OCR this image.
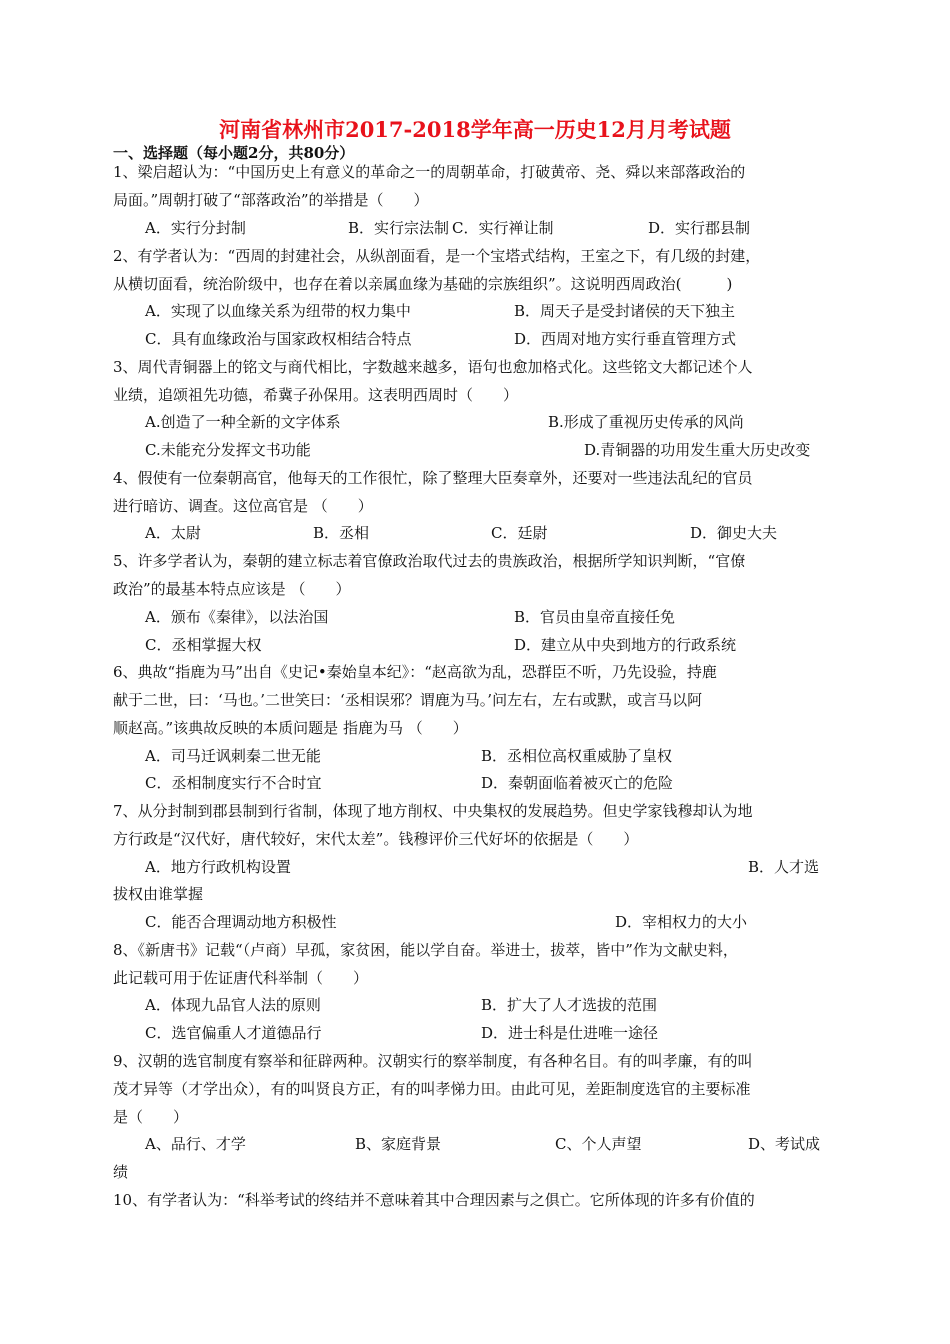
河南省林州市2017-2018学年高一历史12月月考试题
一、选择题（每小题2分，共80分）
1、梁启超认为：“中国历史上有意义的革命之一的周朝革命，打破黄帝、尧、舜以来部落政治的
局面。”周朝打破了“部落政治”的举措是（　　）
A．实行分封制	B．实行宗法制 C．实行禅让制	D．实行郡县制
2、有学者认为：“西周的封建社会，从纵剖面看，是一个宝塔式结构，王室之下，有几级的封建，
从横切面看，统治阶级中，也存在着以亲属血缘为基础的宗族组织”。这说明西周政治(　　　)
A．实现了以血缘关系为纽带的权力集中	B．周天子是受封诸侯的天下独主
C．具有血缘政治与国家政权相结合特点	D．西周对地方实行垂直管理方式
3、周代青铜器上的铭文与商代相比，字数越来越多，语句也愈加格式化。这些铭文大都记述个人
业绩，追颂祖先功德，希冀子孙保用。这表明西周时（　　）
A.创造了一种全新的文字体系	B.形成了重视历史传承的风尚
C.未能充分发挥文书功能	D.青铜器的功用发生重大历史改变
4、假使有一位秦朝高官，他每天的工作很忙，除了整理大臣奏章外，还要对一些违法乱纪的官员
进行暗访、调查。这位高官是 （　　）
A．太尉	B．丞相	C．廷尉	D．御史大夫
5、许多学者认为，秦朝的建立标志着官僚政治取代过去的贵族政治，根据所学知识判断，“官僚
政治”的最基本特点应该是 （　　）
A．颁布《秦律》，以法治国	B．官员由皇帝直接任免
C．丞相掌握大权	D．建立从中央到地方的行政系统
6、典故“指鹿为马”出自《史记•秦始皇本纪》：“赵高欲为乱，恐群臣不听，乃先设验，持鹿
献于二世，曰：‘马也。’二世笑曰：‘丞相误邪？谓鹿为马。’问左右，左右或默，或言马以阿
顺赵高。”该典故反映的本质问题是 指鹿为马 （　　）
A．司马迁讽刺秦二世无能	B．丞相位高权重威胁了皇权
C．丞相制度实行不合时宜	D．秦朝面临着被灭亡的危险
7、从分封制到郡县制到行省制，体现了地方削权、中央集权的发展趋势。但史学家钱穆却认为地
方行政是“汉代好，唐代较好，宋代太差”。钱穆评价三代好坏的依据是（　　）
A．地方行政机构设置	B．人才选
拔权由谁掌握
C．能否合理调动地方积极性	D．宰相权力的大小
8、《新唐书》记载“（卢商）早孤，家贫困，能以学自奋。举进士，拔萃，皆中”作为文献史料，
此记载可用于佐证唐代科举制（　　）
A．体现九品官人法的原则	B．扩大了人才选拔的范围
C．选官偏重人才道德品行	D．进士科是仕进唯一途径
9、汉朝的选官制度有察举和征辟两种。汉朝实行的察举制度，有各种名目。有的叫孝廉，有的叫
茂才异等（才学出众），有的叫贤良方正，有的叫孝悌力田。由此可见，差距制度选官的主要标准
是（　　）
A、品行、才学	B、家庭背景	C、个人声望	D、考试成
绩
10、有学者认为：“科举考试的终结并不意味着其中合理因素与之俱亡。它所体现的许多有价值的
